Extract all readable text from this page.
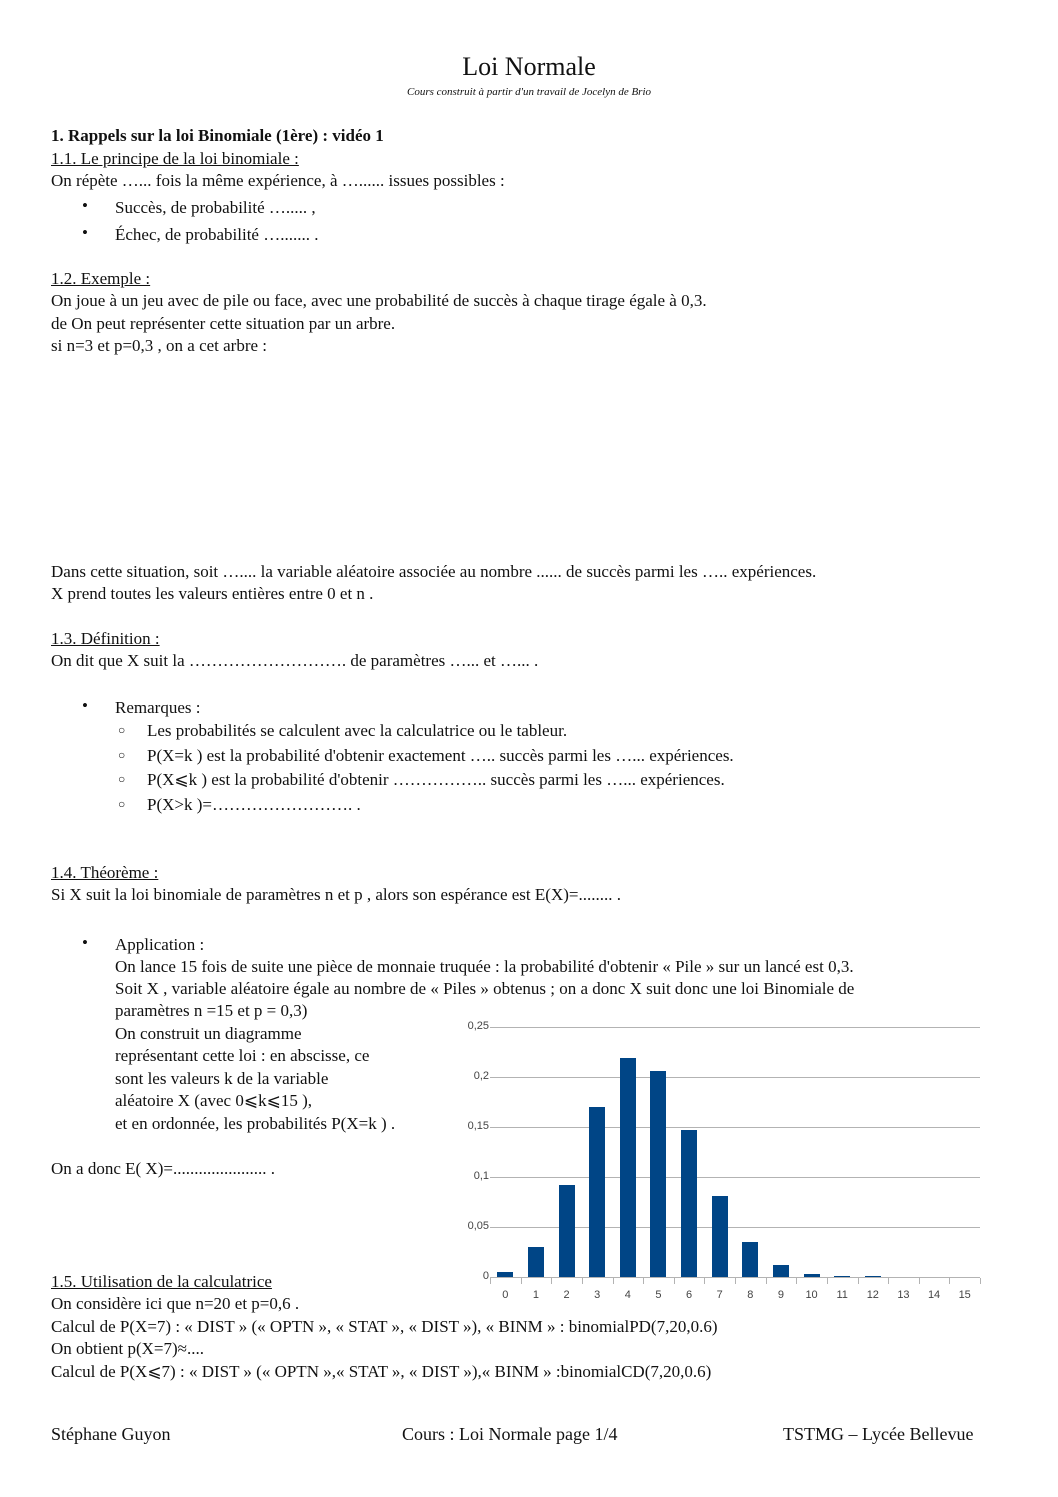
Loi Normale
Cours construit à partir d'un travail de Jocelyn de Brio
1. Rappels sur la loi Binomiale (1ère) : vidéo 1
1.1. Le principe de la loi binomiale :
On répète …... fois la même expérience, à …...... issues possibles :
• Succès, de probabilité …..... ,
• Échec, de probabilité …....... .
1.2. Exemple :
On joue à un jeu avec de pile ou face, avec une probabilité de succès à chaque tirage égale à 0,3.
de On peut représenter cette situation par un arbre.
si n=3 et p=0,3 , on a cet arbre :
Dans cette situation, soit ….... la variable aléatoire associée au nombre ...... de succès parmi les ….. expériences.
X prend toutes les valeurs entières entre 0 et n .
1.3. Définition :
On dit que X suit la ………………………. de paramètres …... et …... .
• Remarques :
○ Les probabilités se calculent avec la calculatrice ou le tableur.
○ P(X=k ) est la probabilité d'obtenir exactement ….. succès parmi les …... expériences.
○ P(X⩽k ) est la probabilité d'obtenir …………….. succès parmi les …... expériences.
○ P(X>k )=……………………. .
1.4. Théorème :
Si X suit la loi binomiale de paramètres n et p , alors son espérance est E(X)=........ .
• Application :
On lance 15 fois de suite une pièce de monnaie truquée : la probabilité d'obtenir « Pile » sur un lancé est 0,3.
Soit X , variable aléatoire égale au nombre de « Piles » obtenus ; on a donc X suit donc une loi Binomiale de
paramètres n =15 et p = 0,3)
On construit un diagramme
représentant cette loi : en abscisse, ce
sont les valeurs k de la variable
aléatoire X (avec 0⩽k⩽15 ),
et en ordonnée, les probabilités P(X=k ) .
On a donc E( X)=...................... .
0
0,05
0,1
0,15
0,2
0,25
0	1	2	3	4	5	6	7	8	9	10	11	12	13	14	15
1.5. Utilisation de la calculatrice
On considère ici que n=20 et p=0,6 .
Calcul de P(X=7) : « DIST » (« OPTN », « STAT », « DIST »), « BINM » : binomialPD(7,20,0.6)
On obtient p(X=7)≈....
Calcul de P(X⩽7) : « DIST » (« OPTN »,« STAT », « DIST »),« BINM » :binomialCD(7,20,0.6)
Stéphane Guyon	Cours : Loi Normale page 1/4	TSTMG – Lycée Bellevue
